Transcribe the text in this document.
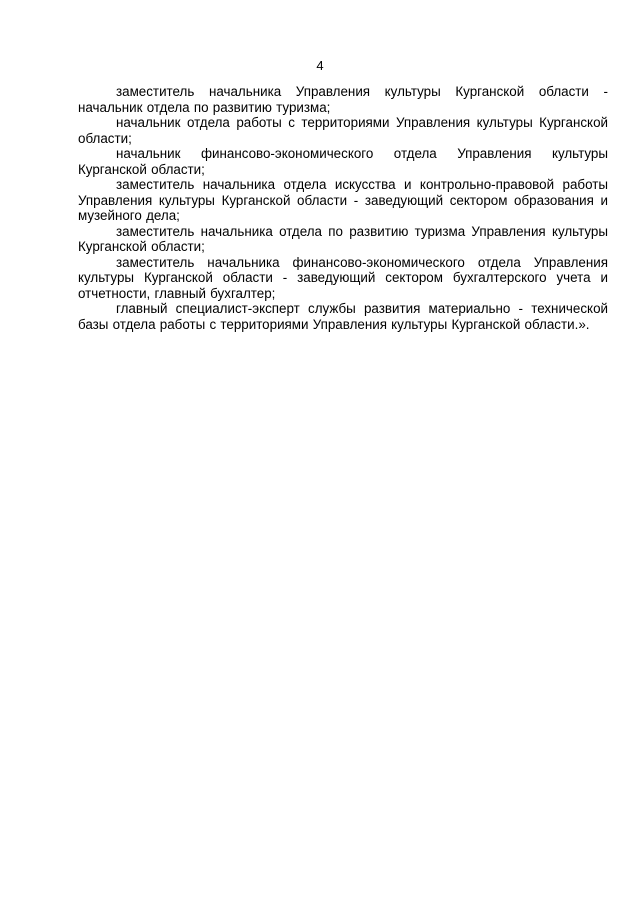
4

заместитель начальника Управления культуры Курганской области - начальник отдела по развитию туризма;

начальник отдела работы с территориями Управления культуры Курганской области;

начальник финансово-экономического отдела Управления культуры Курганской области;

заместитель начальника отдела искусства и контрольно-правовой работы Управления культуры Курганской области - заведующий сектором образования и музейного дела;

заместитель начальника отдела по развитию туризма Управления культуры Курганской области;

заместитель начальника финансово-экономического отдела Управления культуры Курганской области - заведующий сектором бухгалтерского учета и отчетности, главный бухгалтер;

главный специалист-эксперт службы развития материально - технической базы отдела работы с территориями Управления культуры Курганской области.».
